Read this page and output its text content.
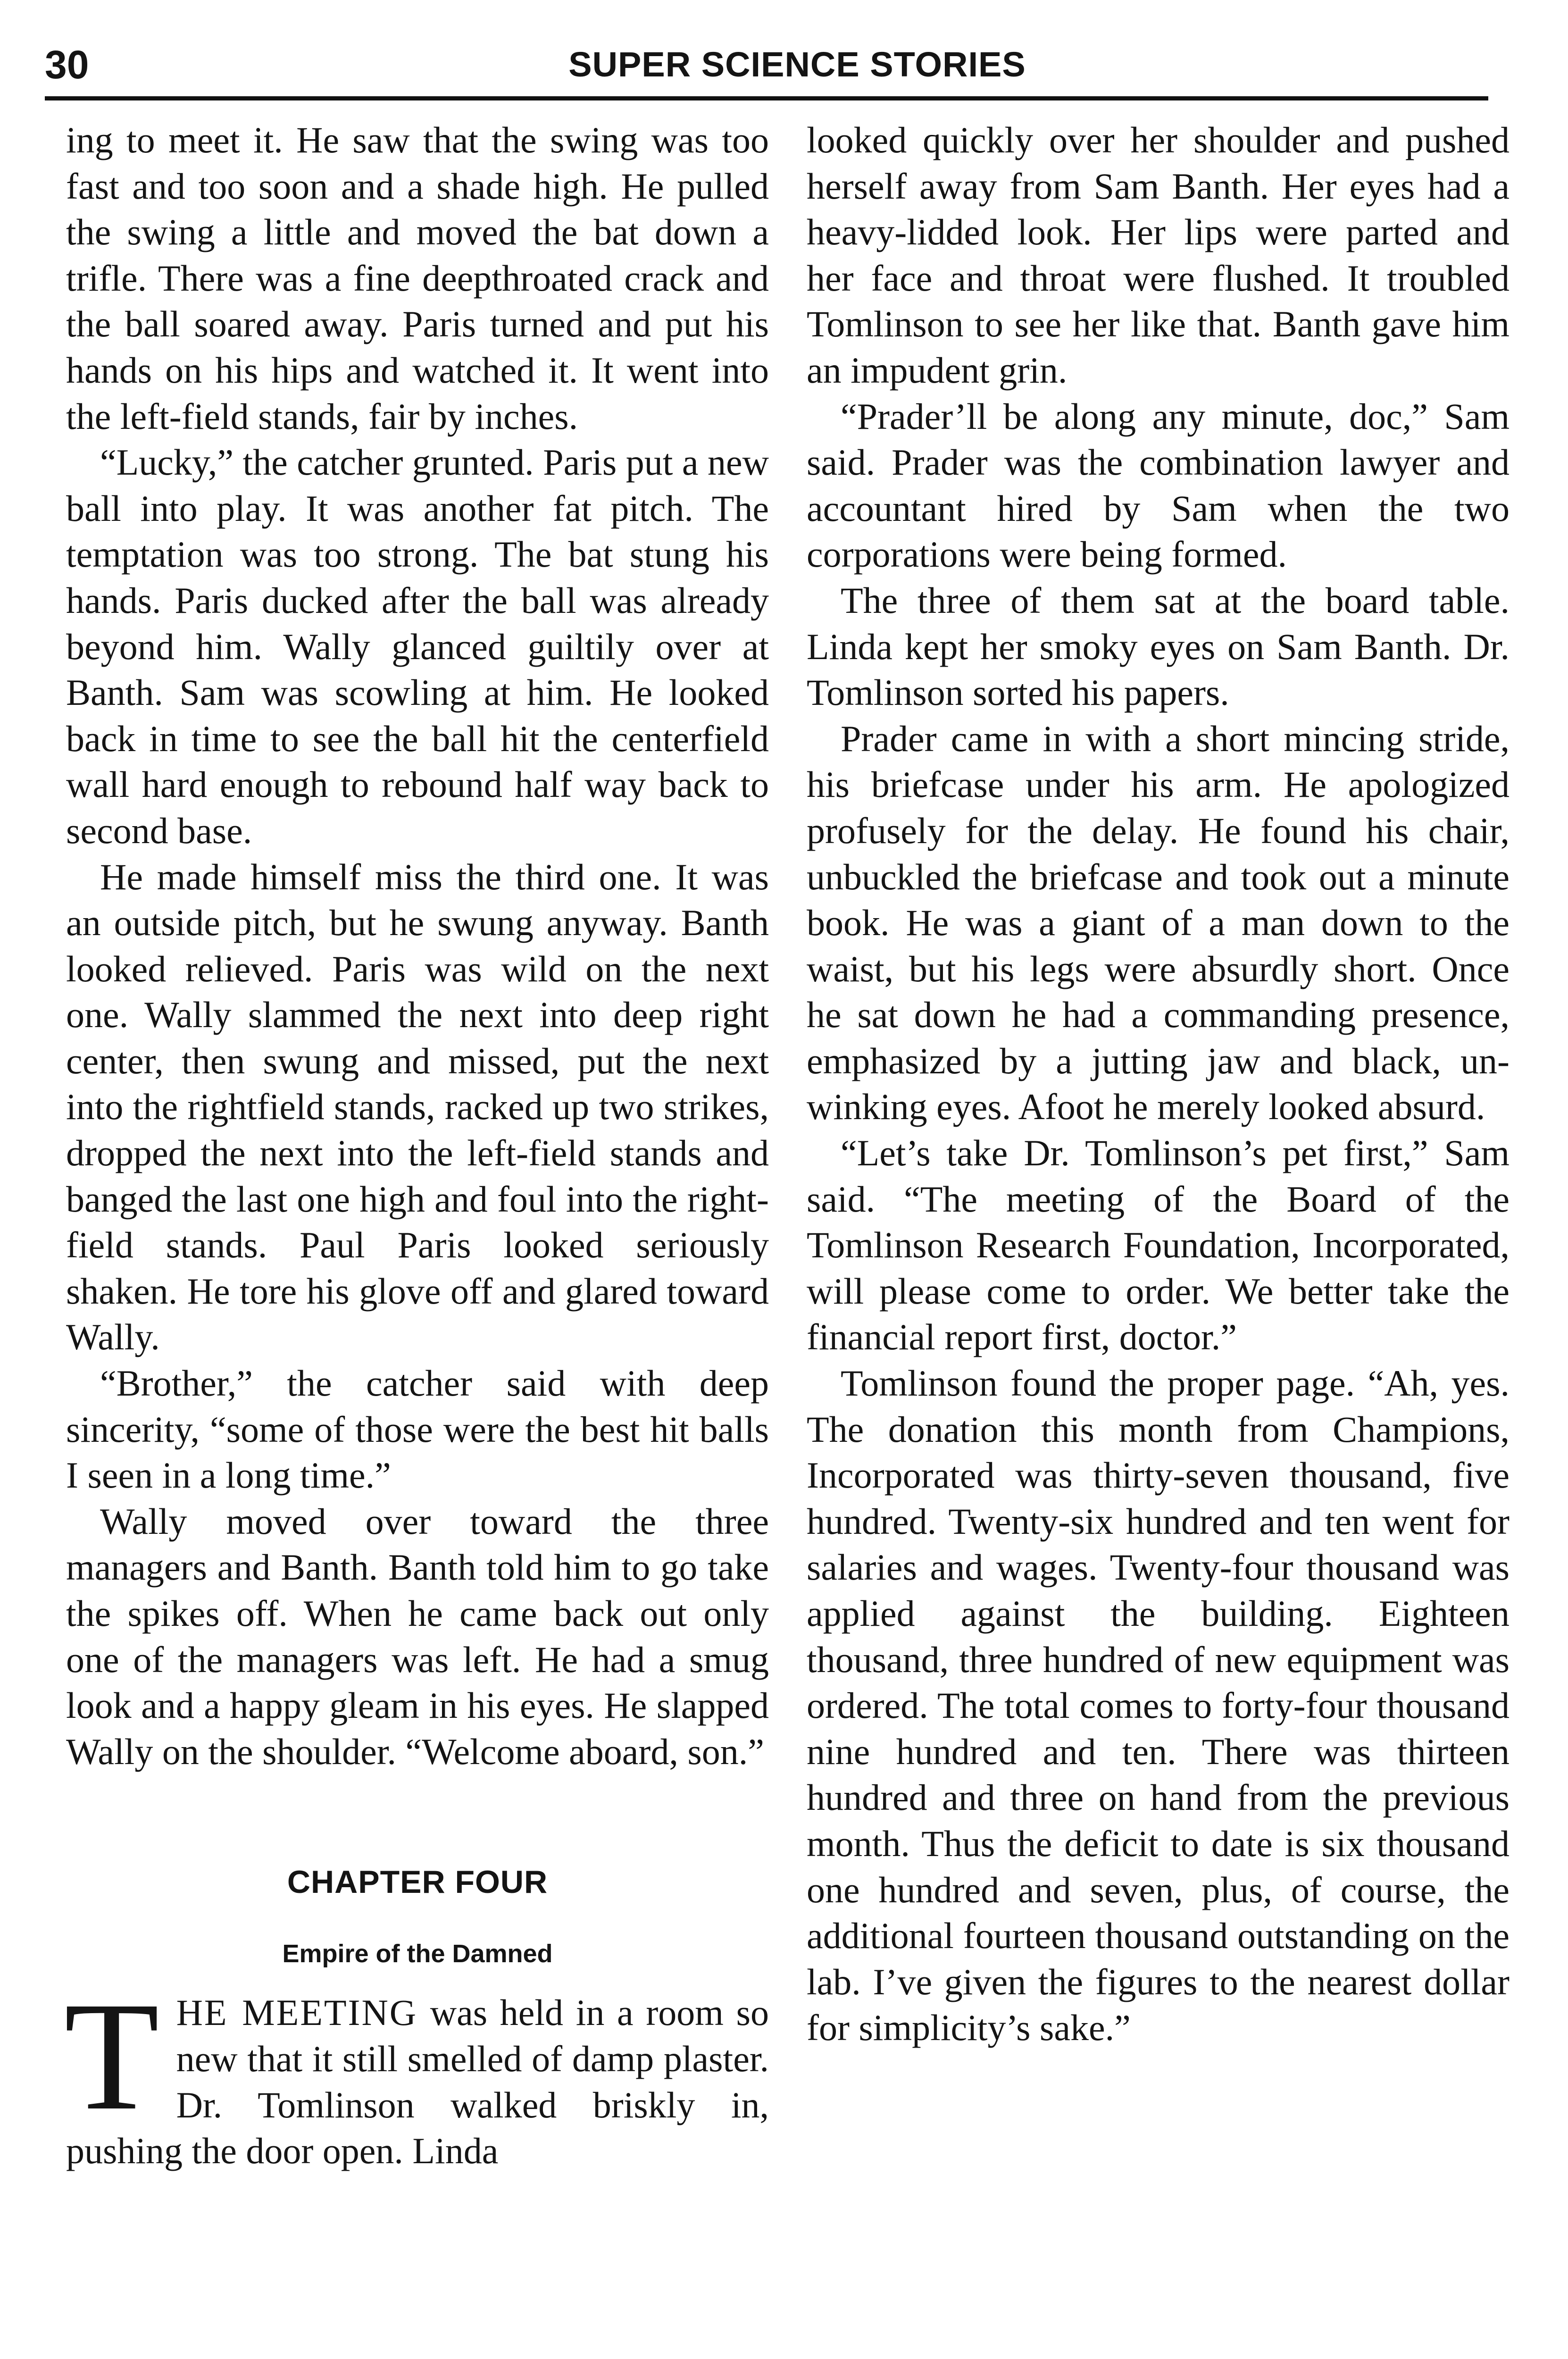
30	SUPER SCIENCE STORIES

ing to meet it. He saw that the swing was too fast and too soon and a shade high. He pulled the swing a little and moved the bat down a trifle. There was a fine deepthroated crack and the ball soared away. Paris turned and put his hands on his hips and watched it. It went into the left-field stands, fair by inches.

“Lucky,” the catcher grunted. Paris put a new ball into play. It was another fat pitch. The temptation was too strong. The bat stung his hands. Paris ducked after the ball was already beyond him. Wally glanced guiltily over at Banth. Sam was scowling at him. He looked back in time to see the ball hit the centerfield wall hard enough to rebound half way back to second base.

He made himself miss the third one. It was an outside pitch, but he swung anyway. Banth looked relieved. Paris was wild on the next one. Wally slammed the next into deep right center, then swung and missed, put the next into the rightfield stands, racked up two strikes, dropped the next into the left-field stands and banged the last one high and foul into the right-field stands. Paul Paris looked seriously shaken. He tore his glove off and glared toward Wally.

“Brother,” the catcher said with deep sincerity, “some of those were the best hit balls I seen in a long time.”

Wally moved over toward the three managers and Banth. Banth told him to go take the spikes off. When he came back out only one of the managers was left. He had a smug look and a happy gleam in his eyes. He slapped Wally on the shoulder. “Welcome aboard, son.”

CHAPTER FOUR
Empire of the Damned

THE MEETING was held in a room so new that it still smelled of damp plaster. Dr. Tomlinson walked briskly in, pushing the door open. Linda

looked quickly over her shoulder and pushed herself away from Sam Banth. Her eyes had a heavy-lidded look. Her lips were parted and her face and throat were flushed. It troubled Tomlinson to see her like that. Banth gave him an impudent grin.

“Prader’ll be along any minute, doc,” Sam said. Prader was the combination lawyer and accountant hired by Sam when the two corporations were being formed.

The three of them sat at the board table. Linda kept her smoky eyes on Sam Banth. Dr. Tomlinson sorted his papers.

Prader came in with a short mincing stride, his briefcase under his arm. He apologized profusely for the delay. He found his chair, unbuckled the briefcase and took out a minute book. He was a giant of a man down to the waist, but his legs were absurdly short. Once he sat down he had a commanding presence, emphasized by a jutting jaw and black, unwinking eyes. Afoot he merely looked absurd.

“Let’s take Dr. Tomlinson’s pet first,” Sam said. “The meeting of the Board of the Tomlinson Research Foundation, Incorporated, will please come to order. We better take the financial report first, doctor.”

Tomlinson found the proper page. “Ah, yes. The donation this month from Champions, Incorporated was thirty-seven thousand, five hundred. Twenty-six hundred and ten went for salaries and wages. Twenty-four thousand was applied against the building. Eighteen thousand, three hundred of new equipment was ordered. The total comes to forty-four thousand nine hundred and ten. There was thirteen hundred and three on hand from the previous month. Thus the deficit to date is six thousand one hundred and seven, plus, of course, the additional fourteen thousand outstanding on the lab. I’ve given the figures to the nearest dollar for simplicity’s sake.”
